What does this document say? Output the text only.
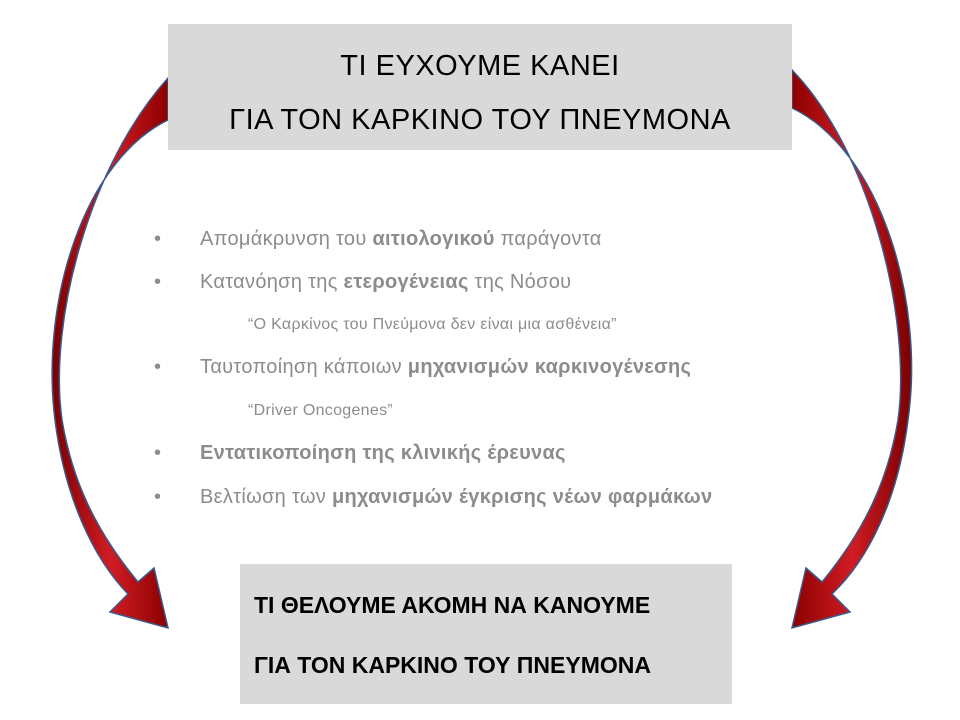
ΤΙ ΕΥΧΟΥΜΕ ΚΑΝΕΙ
ΓΙΑ ΤΟΝ ΚΑΡΚΙΝΟ ΤΟΥ ΠΝΕΥΜΟΝΑ
• Απομάκρυνση του αιτιολογικού παράγοντα
• Κατανόηση της ετερογένειας της Νόσου
“Ο Καρκίνος του Πνεύμονα δεν είναι μια ασθένεια”
• Ταυτοποίηση κάποιων μηχανισμών καρκινογένεσης
“Driver Oncogenes”
• Εντατικοποίηση της κλινικής έρευνας
• Βελτίωση των μηχανισμών έγκρισης νέων φαρμάκων
ΤΙ ΘΕΛΟΥΜΕ ΑΚΟΜΗ ΝΑ ΚΑΝΟΥΜΕ
ΓΙΑ ΤΟΝ ΚΑΡΚΙΝΟ ΤΟΥ ΠΝΕΥΜΟΝΑ
